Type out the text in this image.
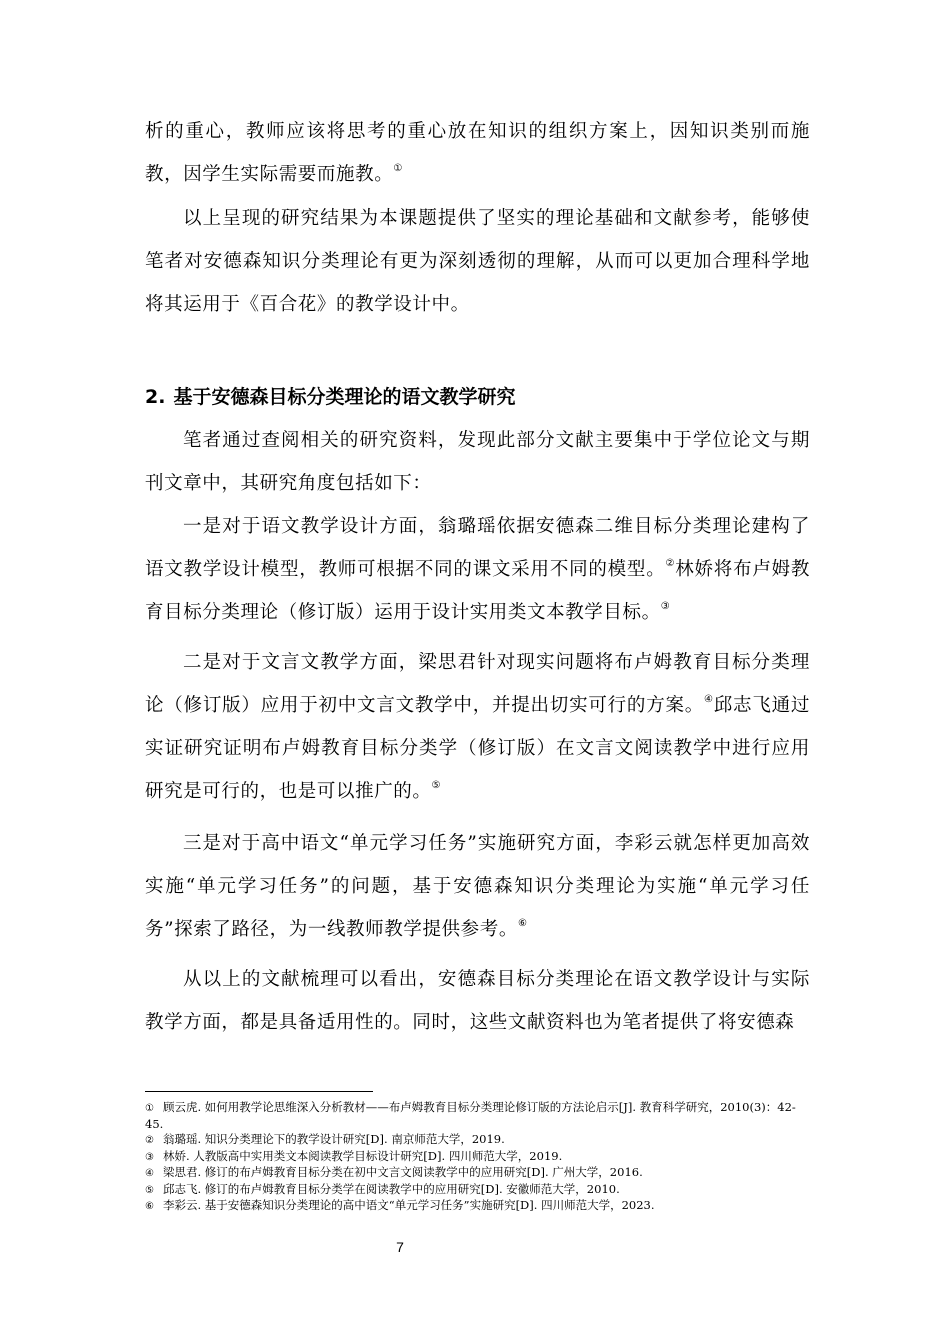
析的重心，教师应该将思考的重心放在知识的组织方案上，因知识类别而施教，因学生实际需要而施教。①

以上呈现的研究结果为本课题提供了坚实的理论基础和文献参考，能够使笔者对安德森知识分类理论有更为深刻透彻的理解，从而可以更加合理科学地将其运用于《百合花》的教学设计中。

2. 基于安德森目标分类理论的语文教学研究

笔者通过查阅相关的研究资料，发现此部分文献主要集中于学位论文与期刊文章中，其研究角度包括如下：

一是对于语文教学设计方面，翁璐瑶依据安德森二维目标分类理论建构了语文教学设计模型，教师可根据不同的课文采用不同的模型。②林娇将布卢姆教育目标分类理论（修订版）运用于设计实用类文本教学目标。③

二是对于文言文教学方面，梁思君针对现实问题将布卢姆教育目标分类理论（修订版）应用于初中文言文教学中，并提出切实可行的方案。④邱志飞通过实证研究证明布卢姆教育目标分类学（修订版）在文言文阅读教学中进行应用研究是可行的，也是可以推广的。⑤

三是对于高中语文“单元学习任务”实施研究方面，李彩云就怎样更加高效实施“单元学习任务”的问题，基于安德森知识分类理论为实施“单元学习任务”探索了路径，为一线教师教学提供参考。⑥

从以上的文献梳理可以看出，安德森目标分类理论在语文教学设计与实际教学方面，都是具备适用性的。同时，这些文献资料也为笔者提供了将安德森

① 顾云虎. 如何用教学论思维深入分析教材——布卢姆教育目标分类理论修订版的方法论启示[J]. 教育科学研究，2010(3)：42-45.
② 翁璐瑶. 知识分类理论下的教学设计研究[D]. 南京师范大学，2019.
③ 林娇. 人教版高中实用类文本阅读教学目标设计研究[D]. 四川师范大学，2019.
④ 梁思君. 修订的布卢姆教育目标分类在初中文言文阅读教学中的应用研究[D]. 广州大学，2016.
⑤ 邱志飞. 修订的布卢姆教育目标分类学在阅读教学中的应用研究[D]. 安徽师范大学，2010.
⑥ 李彩云. 基于安德森知识分类理论的高中语文“单元学习任务”实施研究[D]. 四川师范大学，2023.
7
